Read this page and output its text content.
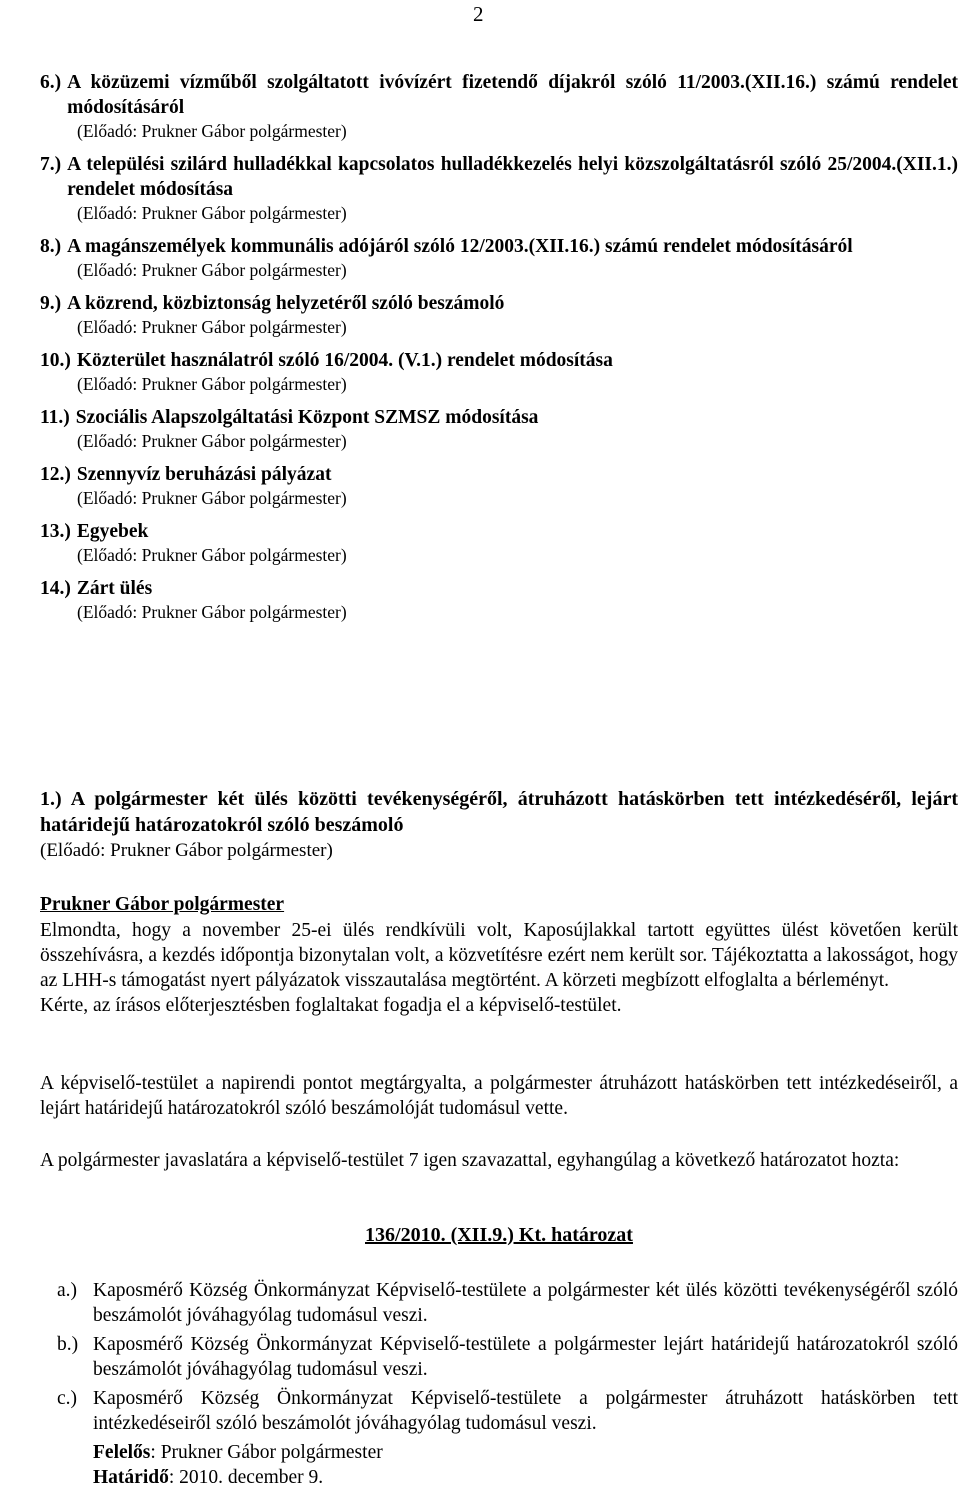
2
6.) A közüzemi vízműből szolgáltatott ivóvízért fizetendő díjakról szóló 11/2003.(XII.16.) számú rendelet módosításáról
(Előadó: Prukner Gábor polgármester)
7.) A települési szilárd hulladékkal kapcsolatos hulladékkezelés helyi közszolgáltatásról szóló 25/2004.(XII.1.) rendelet módosítása
(Előadó: Prukner Gábor polgármester)
8.) A magánszemélyek kommunális adójáról szóló 12/2003.(XII.16.) számú rendelet módosításáról
(Előadó: Prukner Gábor polgármester)
9.) A közrend, közbiztonság helyzetéről szóló beszámoló
(Előadó: Prukner Gábor polgármester)
10.) Közterület használatról szóló 16/2004. (V.1.) rendelet módosítása
(Előadó: Prukner Gábor polgármester)
11.) Szociális Alapszolgáltatási Központ SZMSZ módosítása
(Előadó: Prukner Gábor polgármester)
12.) Szennyvíz beruházási pályázat
(Előadó: Prukner Gábor polgármester)
13.) Egyebek
(Előadó: Prukner Gábor polgármester)
14.) Zárt ülés
(Előadó: Prukner Gábor polgármester)
1.) A polgármester két ülés közötti tevékenységéről, átruházott hatáskörben tett intézkedéséről, lejárt határidejű határozatokról szóló beszámoló
(Előadó: Prukner Gábor polgármester)
Prukner Gábor polgármester

Elmondta, hogy a november 25-ei ülés rendkívüli volt, Kaposújlakkal tartott együttes ülést követően került összehívásra, a kezdés időpontja bizonytalan volt, a közvetítésre ezért nem került sor. Tájékoztatta a lakosságot, hogy az LHH-s támogatást nyert pályázatok visszautalása megtörtént. A körzeti megbízott elfoglalta a bérleményt.

Kérte, az írásos előterjesztésben foglaltakat fogadja el a képviselő-testület.

A képviselő-testület a napirendi pontot megtárgyalta, a polgármester átruházott hatáskörben tett intézkedéseiről, a lejárt határidejű határozatokról szóló beszámolóját tudomásul vette.

A polgármester javaslatára a képviselő-testület 7 igen szavazattal, egyhangúlag a következő határozatot hozta:

136/2010. (XII.9.) Kt. határozat
a.) Kaposmérő Község Önkormányzat Képviselő-testülete a polgármester két ülés közötti tevékenységéről szóló beszámolót jóváhagyólag tudomásul veszi.
b.) Kaposmérő Község Önkormányzat Képviselő-testülete a polgármester lejárt határidejű határozatokról szóló beszámolót jóváhagyólag tudomásul veszi.
c.) Kaposmérő Község Önkormányzat Képviselő-testülete a polgármester átruházott hatáskörben tett intézkedéseiről szóló beszámolót jóváhagyólag tudomásul veszi.
Felelős: Prukner Gábor polgármester
Határidő: 2010. december 9.
